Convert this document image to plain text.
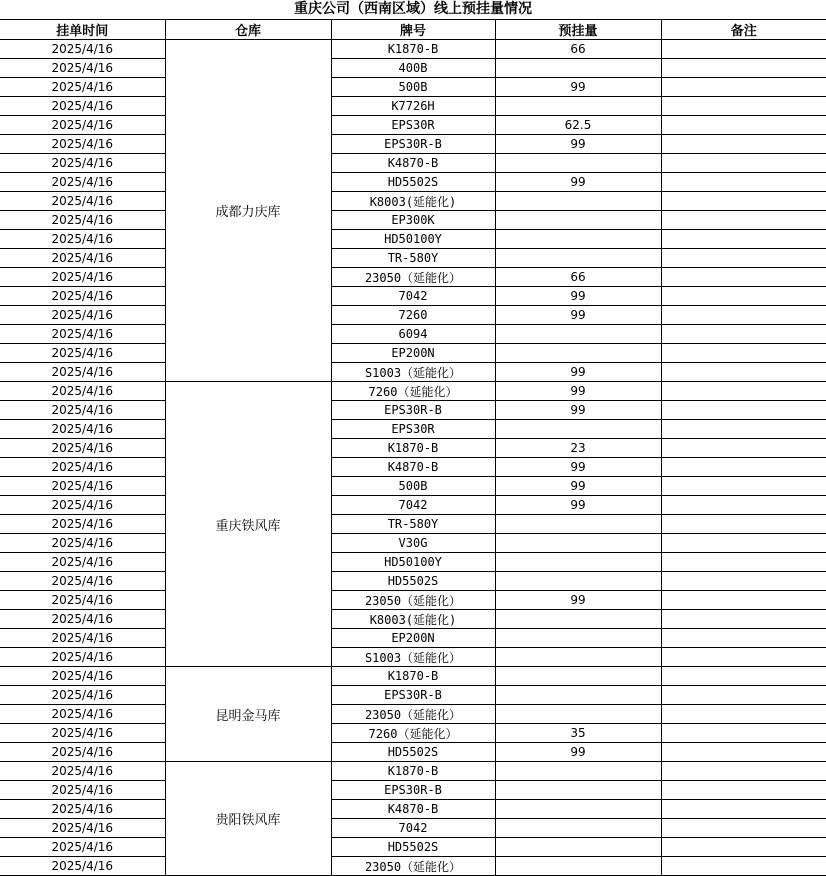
重庆公司（西南区域）线上预挂量情况
挂单时间	仓库	牌号	预挂量	备注
2025/4/16	成都力庆库	K1870-B	66	
2025/4/16		400B		
2025/4/16		500B	99	
2025/4/16		K7726H		
2025/4/16		EPS30R	62.5	
2025/4/16		EPS30R-B	99	
2025/4/16		K4870-B		
2025/4/16		HD5502S	99	
2025/4/16		K8003(延能化)		
2025/4/16		EP300K		
2025/4/16		HD50100Y		
2025/4/16		TR-580Y		
2025/4/16		23050（延能化）	66	
2025/4/16		7042	99	
2025/4/16		7260	99	
2025/4/16		6094		
2025/4/16		EP200N		
2025/4/16		S1003（延能化）	99	
2025/4/16	重庆铁风库	7260（延能化）	99	
2025/4/16		EPS30R-B	99	
2025/4/16		EPS30R		
2025/4/16		K1870-B	23	
2025/4/16		K4870-B	99	
2025/4/16		500B	99	
2025/4/16		7042	99	
2025/4/16		TR-580Y		
2025/4/16		V30G		
2025/4/16		HD50100Y		
2025/4/16		HD5502S		
2025/4/16		23050（延能化）	99	
2025/4/16		K8003(延能化)		
2025/4/16		EP200N		
2025/4/16		S1003（延能化）		
2025/4/16	昆明金马库	K1870-B		
2025/4/16		EPS30R-B		
2025/4/16		23050（延能化）		
2025/4/16		7260（延能化）	35	
2025/4/16		HD5502S	99	
2025/4/16	贵阳铁风库	K1870-B		
2025/4/16		EPS30R-B		
2025/4/16		K4870-B		
2025/4/16		7042		
2025/4/16		HD5502S		
2025/4/16		23050（延能化）		
